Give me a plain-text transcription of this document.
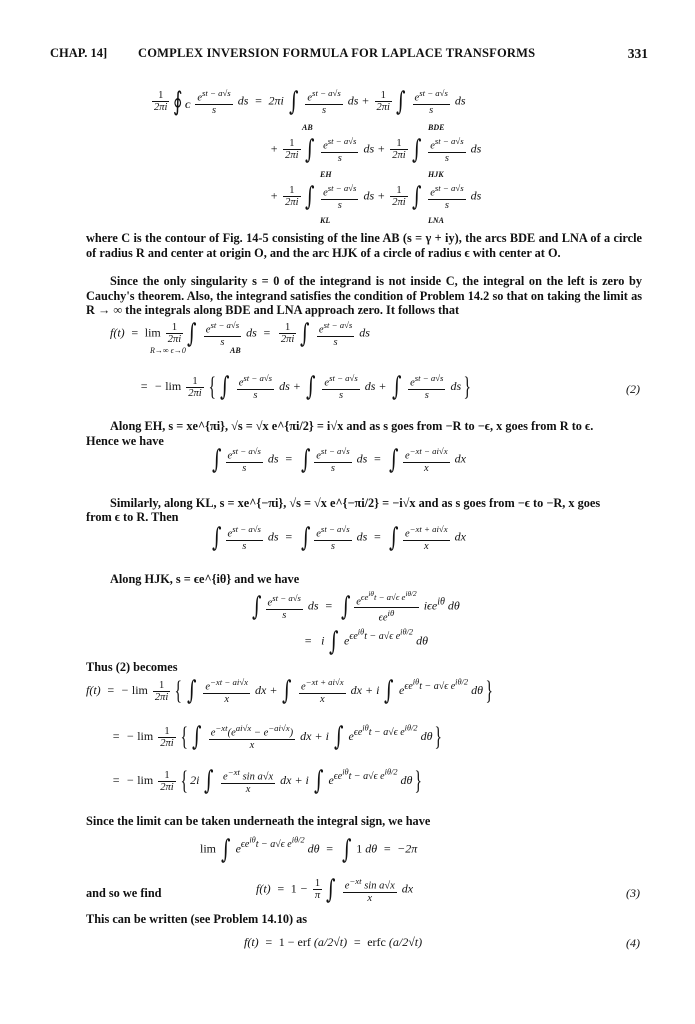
CHAP. 14] COMPLEX INVERSION FORMULA FOR LAPLACE TRANSFORMS	331
$\frac{1}{2\pi i}$ ∮ $_C \frac{e^{st - a√s}}{s}$ ds  =  2πi ∫ $\frac{e^{st - a√s}}{s}$ ds + $\frac{1}{2\pi i}$ ∫ $\frac{e^{st - a√s}}{s}$ ds
AB	BDE
+ $\frac{1}{2\pi i}$ ∫ $\frac{e^{st - a√s}}{s}$ ds + $\frac{1}{2\pi i}$ ∫ $\frac{e^{st - a√s}}{s}$ ds
EH	HJK
+ $\frac{1}{2\pi i}$ ∫ $\frac{e^{st - a√s}}{s}$ ds + $\frac{1}{2\pi i}$ ∫ $\frac{e^{st - a√s}}{s}$ ds
KL	LNA
where C is the contour of Fig. 14-5 consisting of the line AB (s = γ + iy), the arcs BDE and LNA of a circle of radius R and center at origin O, and the arc HJK of a circle of radius ϵ with center at O.
Since the only singularity s = 0 of the integrand is not inside C, the integral on the left is zero by Cauchy's theorem. Also, the integrand satisfies the condition of Problem 14.2 so that on taking the limit as R → ∞ the integrals along BDE and LNA approach zero. It follows that
$f(t) = \lim \frac{1}{2\pi i}$ ∫ $\frac{e^{st - a√s}}{s}$ ds  = $\frac{1}{2\pi i}$ ∫ $\frac{e^{st - a√s}}{s}$ ds
R→∞ ϵ→0	AB
=  − $\lim \frac{1}{2\pi i}$ { ∫ $\frac{e^{st - a√s}}{s}$ ds + ∫ $\frac{e^{st - a√s}}{s}$ ds + ∫ $\frac{e^{st - a√s}}{s} ds$}	(2)
Along EH, s = xe^{πi}, √s = √x e^{πi/2} = i√x and as s goes from −R to −ϵ, x goes from R to ϵ.
Hence we have
∫ $\frac{e^{st - a√s}}{s}$ ds  =  ∫ $\frac{e^{st - a√s}}{s}$ ds  =  ∫ $\frac{e^{-xt - ai√x}}{x}$ dx
Similarly, along KL, s = xe^{−πi}, √s = √x e^{−πi/2} = −i√x and as s goes from −ϵ to −R, x goes
from ϵ to R. Then
∫ $\frac{e^{st - a√s}}{s}$ ds  =  ∫ $\frac{e^{st - a√s}}{s}$ ds  =  ∫ $\frac{e^{-xt + ai√x}}{x}$ dx
Along HJK, s = ϵe^{iθ} and we have
∫ $\frac{e^{st - a√s}}{s}$ ds  =  ∫ $\frac{e^{\epsilon e^{i\theta}t - a√\epsilon e^{i\theta/2}}}{\epsilon e^{i\theta}} i\epsilon e^{i\theta}$ dθ
=   i ∫ $e^{\epsilon e^{i\theta}t - a√\epsilon e^{i\theta/2}}$ dθ
Thus (2) becomes
f(t)  =  − $\lim \frac{1}{2\pi i}$ { ∫ $\frac{e^{-xt - ai√x}}{x}$ dx + ∫ $\frac{e^{-xt + ai√x}}{x}$ dx + i ∫ $e^{\epsilon e^{i\theta}t - a√\epsilon e^{i\theta/2}}$ dθ}
=  − $\lim \frac{1}{2\pi i}$ { ∫ $\frac{e^{-xt}(e^{ai√x} - e^{-ai√x})}{x}$ dx + i ∫ $e^{\epsilon e^{i\theta}t - a√\epsilon e^{i\theta/2}}$ dθ}
=  − $\lim \frac{1}{2\pi i}$ { 2i ∫ $\frac{e^{-xt} \sin a√x}{x}$ dx + i ∫ $e^{\epsilon e^{i\theta}t - a√\epsilon e^{i\theta/2}}$ dθ}
Since the limit can be taken underneath the integral sign, we have
lim ∫ $e^{\epsilon e^{i\theta}t - a√\epsilon e^{i\theta/2}}$ dθ  =  ∫ 1 dθ  =  −2π
and so we find	$f(t) = 1 - \frac{1}{\pi}$ ∫ $\frac{e^{-xt} \sin a√x}{x}$ dx	(3)
This can be written (see Problem 14.10) as
f(t)  =  1 − erf (a/2√t)  =  erfc (a/2√t)	(4)
